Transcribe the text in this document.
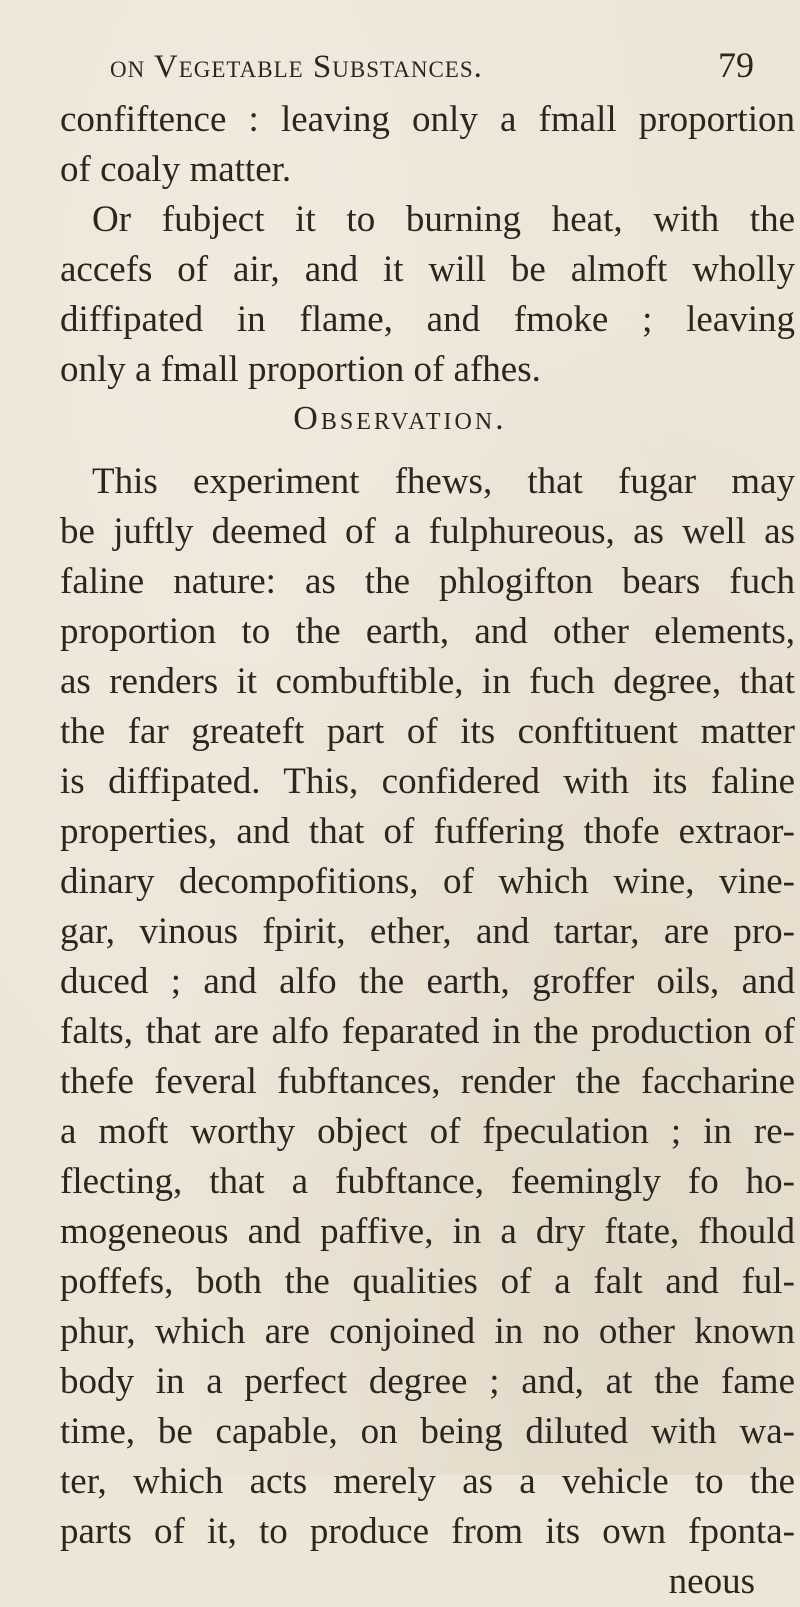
on Vegetable Substances.	79
confiftence : leaving only a fmall proportion
of coaly matter.
Or fubject it to burning heat, with the
accefs of air, and it will be almoft wholly
diffipated in flame, and fmoke ; leaving
only a fmall proportion of afhes.
Observation.
This experiment fhews, that fugar may
be juftly deemed of a fulphureous, as well as
faline nature: as the phlogifton bears fuch
proportion to the earth, and other elements,
as renders it combuftible, in fuch degree, that
the far greateft part of its conftituent matter
is diffipated. This, confidered with its faline
properties, and that of fuffering thofe extraor-
dinary decompofitions, of which wine, vine-
gar, vinous fpirit, ether, and tartar, are pro-
duced ; and alfo the earth, groffer oils, and
falts, that are alfo feparated in the production of
thefe feveral fubftances, render the faccharine
a moft worthy object of fpeculation ; in re-
flecting, that a fubftance, feemingly fo ho-
mogeneous and paffive, in a dry ftate, fhould
poffefs, both the qualities of a falt and ful-
phur, which are conjoined in no other known
body in a perfect degree ; and, at the fame
time, be capable, on being diluted with wa-
ter, which acts merely as a vehicle to the
parts of it, to produce from its own fponta-
neous
